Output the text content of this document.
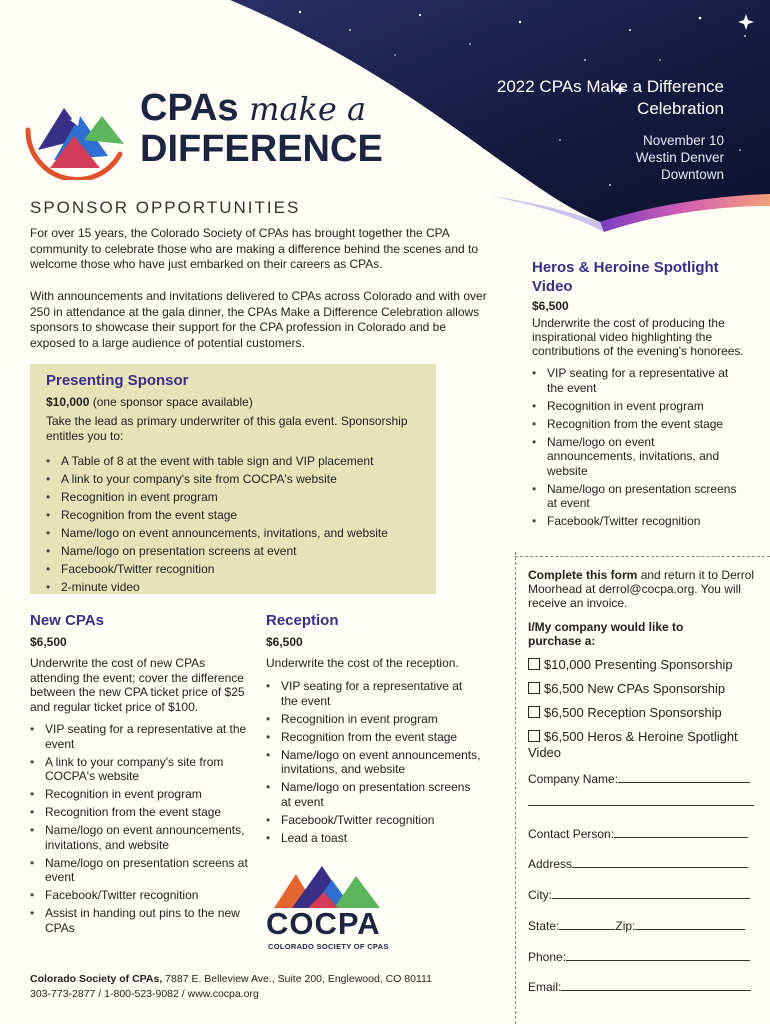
CPAs make a
DIFFERENCE
2022 CPAs Make a Difference Celebration
November 10
Westin Denver
Downtown
SPONSOR OPPORTUNITIES
For over 15 years, the Colorado Society of CPAs has brought together the CPA community to celebrate those who are making a difference behind the scenes and to welcome those who have just embarked on their careers as CPAs.
With announcements and invitations delivered to CPAs across Colorado and with over 250 in attendance at the gala dinner, the CPAs Make a Difference Celebration allows sponsors to showcase their support for the CPA profession in Colorado and be exposed to a large audience of potential customers.
Presenting Sponsor
$10,000 (one sponsor space available)
Take the lead as primary underwriter of this gala event. Sponsorship entitles you to:
• A Table of 8 at the event with table sign and VIP placement
• A link to your company's site from COCPA's website
• Recognition in event program
• Recognition from the event stage
• Name/logo on event announcements, invitations, and website
• Name/logo on presentation screens at event
• Facebook/Twitter recognition
• 2-minute video
Heros & Heroine Spotlight Video
$6,500
Underwrite the cost of producing the inspirational video highlighting the contributions of the evening's honorees.
• VIP seating for a representative at the event
• Recognition in event program
• Recognition from the event stage
• Name/logo on event announcements, invitations, and website
• Name/logo on presentation screens at event
• Facebook/Twitter recognition
New CPAs
$6,500
Underwrite the cost of new CPAs attending the event; cover the difference between the new CPA ticket price of $25 and regular ticket price of $100.
• VIP seating for a representative at the event
• A link to your company's site from COCPA's website
• Recognition in event program
• Recognition from the event stage
• Name/logo on event announcements, invitations, and website
• Name/logo on presentation screens at event
• Facebook/Twitter recognition
• Assist in handing out pins to the new CPAs
Reception
$6,500
Underwrite the cost of the reception.
• VIP seating for a representative at the event
• Recognition in event program
• Recognition from the event stage
• Name/logo on event announcements, invitations, and website
• Name/logo on presentation screens at event
• Facebook/Twitter recognition
• Lead a toast
COCPA
COLORADO SOCIETY OF CPAS
Colorado Society of CPAs, 7887 E. Belleview Ave., Suite 200, Englewood, CO 80111
303-773-2877 / 1-800-523-9082 / www.cocpa.org
Complete this form and return it to Derrol Moorhead at derrol@cocpa.org. You will receive an invoice.
I/My company would like to purchase a:
$10,000 Presenting Sponsorship
$6,500 New CPAs Sponsorship
$6,500 Reception Sponsorship
$6,500 Heros & Heroine Spotlight Video
Company Name:
Contact Person:
Address
City:
State:	Zip:
Phone:
Email:
